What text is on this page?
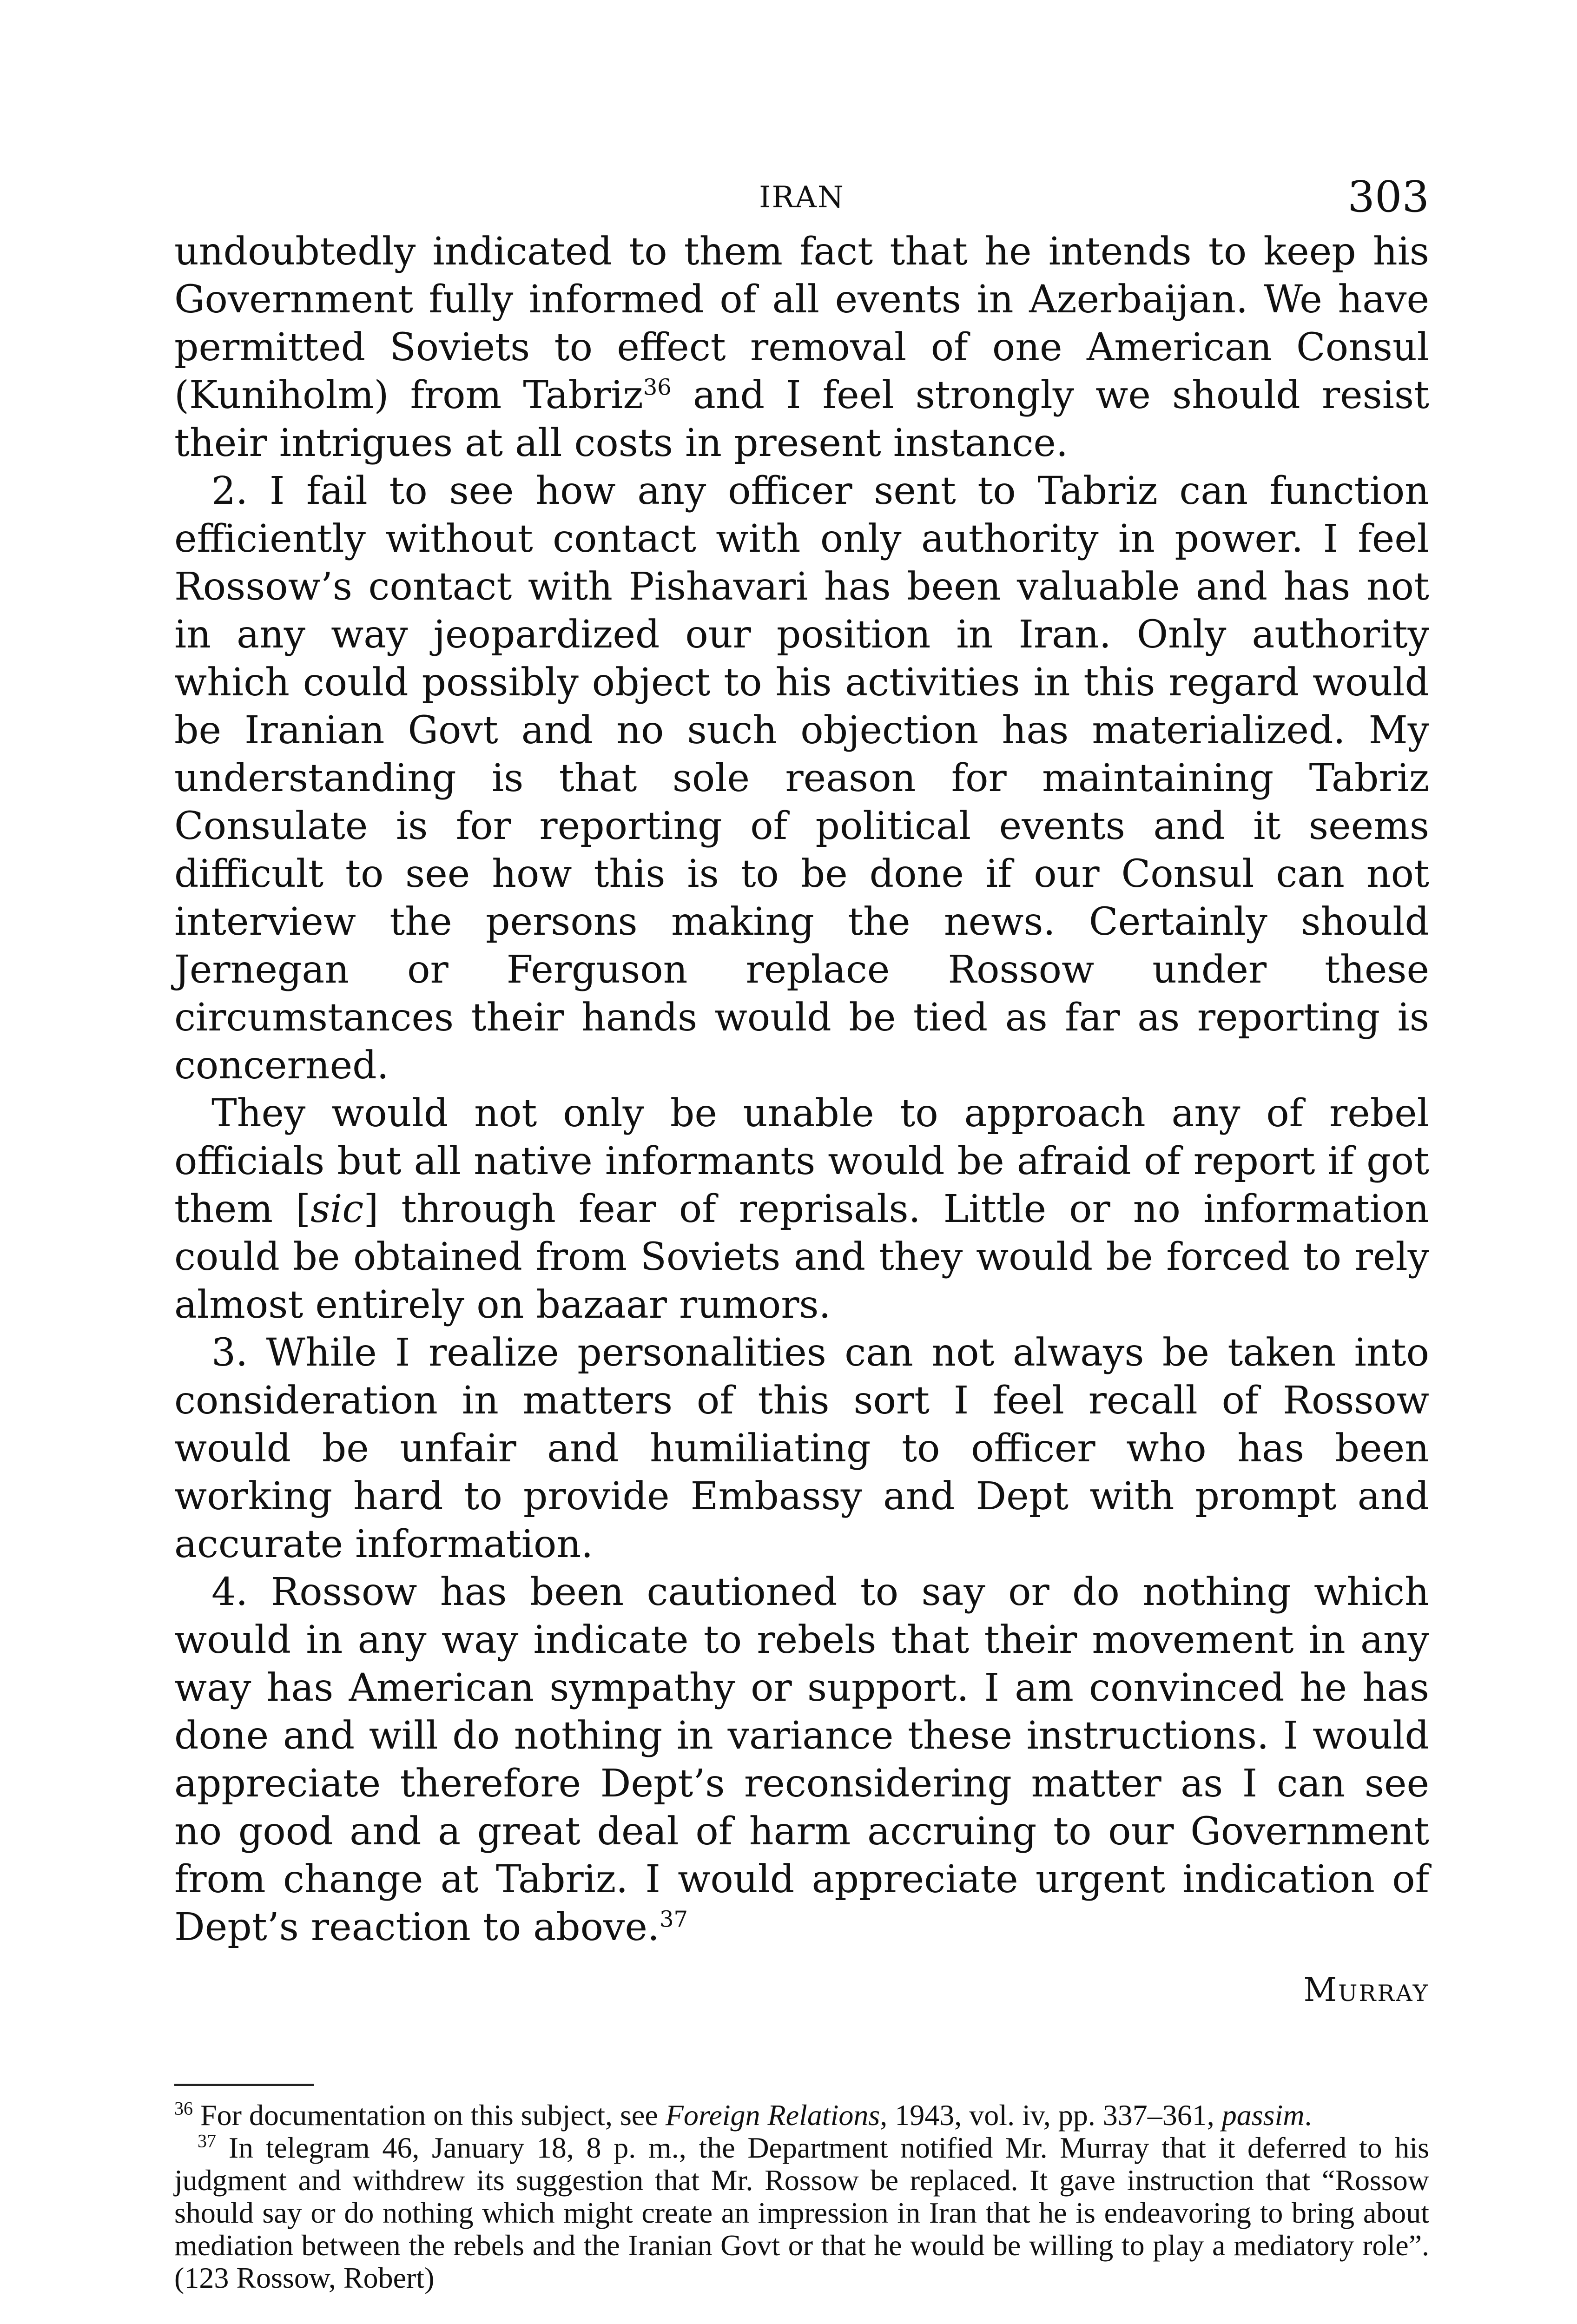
IRAN	303

undoubtedly indicated to them fact that he intends to keep his Government fully informed of all events in Azerbaijan. We have permitted Soviets to effect removal of one American Consul (Kuniholm) from Tabriz$^{36}$ and I feel strongly we should resist their intrigues at all costs in present instance.

2. I fail to see how any officer sent to Tabriz can function efficiently without contact with only authority in power. I feel Rossow’s contact with Pishavari has been valuable and has not in any way jeopardized our position in Iran. Only authority which could possibly object to his activities in this regard would be Iranian Govt and no such objection has materialized. My understanding is that sole reason for maintaining Tabriz Consulate is for reporting of political events and it seems difficult to see how this is to be done if our Consul can not interview the persons making the news. Certainly should Jernegan or Ferguson replace Rossow under these circumstances their hands would be tied as far as reporting is concerned.

They would not only be unable to approach any of rebel officials but all native informants would be afraid of report if got them [sic] through fear of reprisals. Little or no information could be obtained from Soviets and they would be forced to rely almost entirely on bazaar rumors.

3. While I realize personalities can not always be taken into consideration in matters of this sort I feel recall of Rossow would be unfair and humiliating to officer who has been working hard to provide Embassy and Dept with prompt and accurate information.

4. Rossow has been cautioned to say or do nothing which would in any way indicate to rebels that their movement in any way has American sympathy or support. I am convinced he has done and will do nothing in variance these instructions. I would appreciate therefore Dept’s reconsidering matter as I can see no good and a great deal of harm accruing to our Government from change at Tabriz. I would appreciate urgent indication of Dept’s reaction to above.$^{37}$

Murray

$^{36}$ For documentation on this subject, see Foreign Relations, 1943, vol. iv, pp. 337–361, passim.

$^{37}$ In telegram 46, January 18, 8 p. m., the Department notified Mr. Murray that it deferred to his judgment and withdrew its suggestion that Mr. Rossow be replaced. It gave instruction that “Rossow should say or do nothing which might create an impression in Iran that he is endeavoring to bring about mediation between the rebels and the Iranian Govt or that he would be willing to play a mediatory role”. (123 Rossow, Robert)
